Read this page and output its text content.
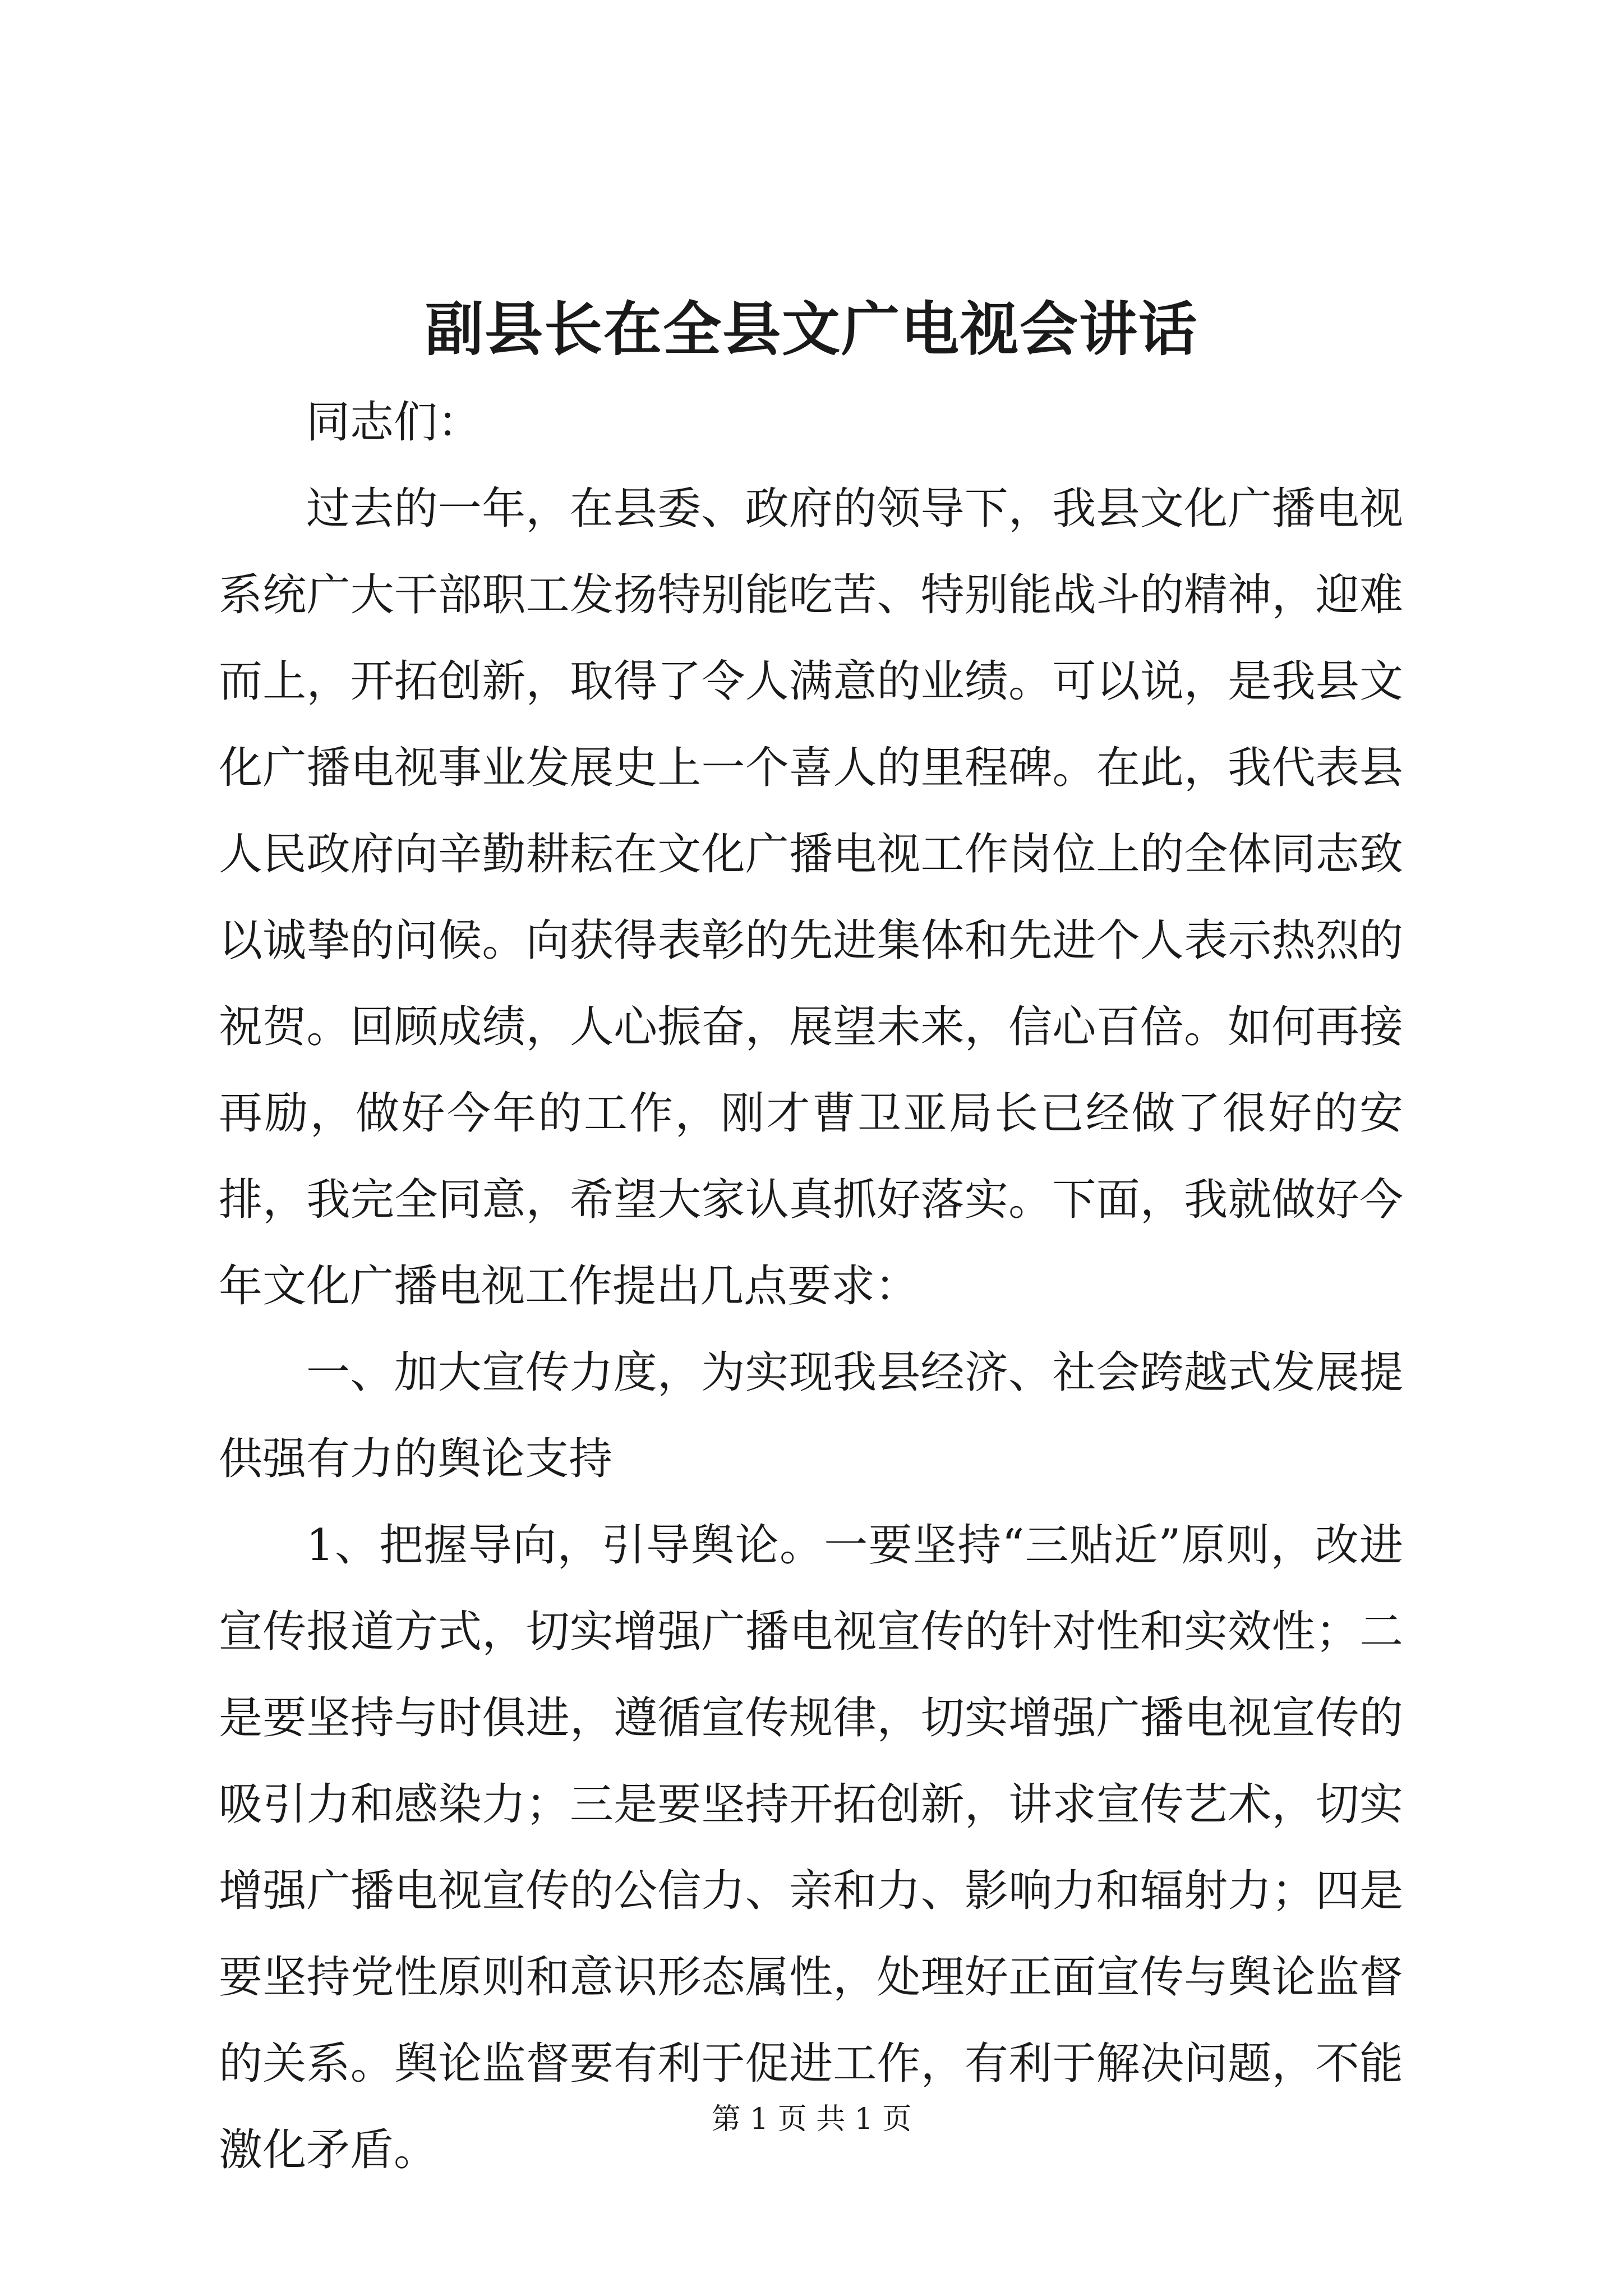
副县长在全县文广电视会讲话

同志们：

过去的一年，在县委、政府的领导下，我县文化广播电视系统广大干部职工发扬特别能吃苦、特别能战斗的精神，迎难而上，开拓创新，取得了令人满意的业绩。可以说，是我县文化广播电视事业发展史上一个喜人的里程碑。在此，我代表县人民政府向辛勤耕耘在文化广播电视工作岗位上的全体同志致以诚挚的问候。向获得表彰的先进集体和先进个人表示热烈的祝贺。回顾成绩，人心振奋，展望未来，信心百倍。如何再接再励，做好今年的工作，刚才曹卫亚局长已经做了很好的安排，我完全同意，希望大家认真抓好落实。下面，我就做好今年文化广播电视工作提出几点要求：

一、加大宣传力度，为实现我县经济、社会跨越式发展提供强有力的舆论支持

1、把握导向，引导舆论。一要坚持“三贴近”原则，改进宣传报道方式，切实增强广播电视宣传的针对性和实效性；二是要坚持与时俱进，遵循宣传规律，切实增强广播电视宣传的吸引力和感染力；三是要坚持开拓创新，讲求宣传艺术，切实增强广播电视宣传的公信力、亲和力、影响力和辐射力；四是要坚持党性原则和意识形态属性，处理好正面宣传与舆论监督的关系。舆论监督要有利于促进工作，有利于解决问题，不能激化矛盾。

第 1 页 共 1 页
